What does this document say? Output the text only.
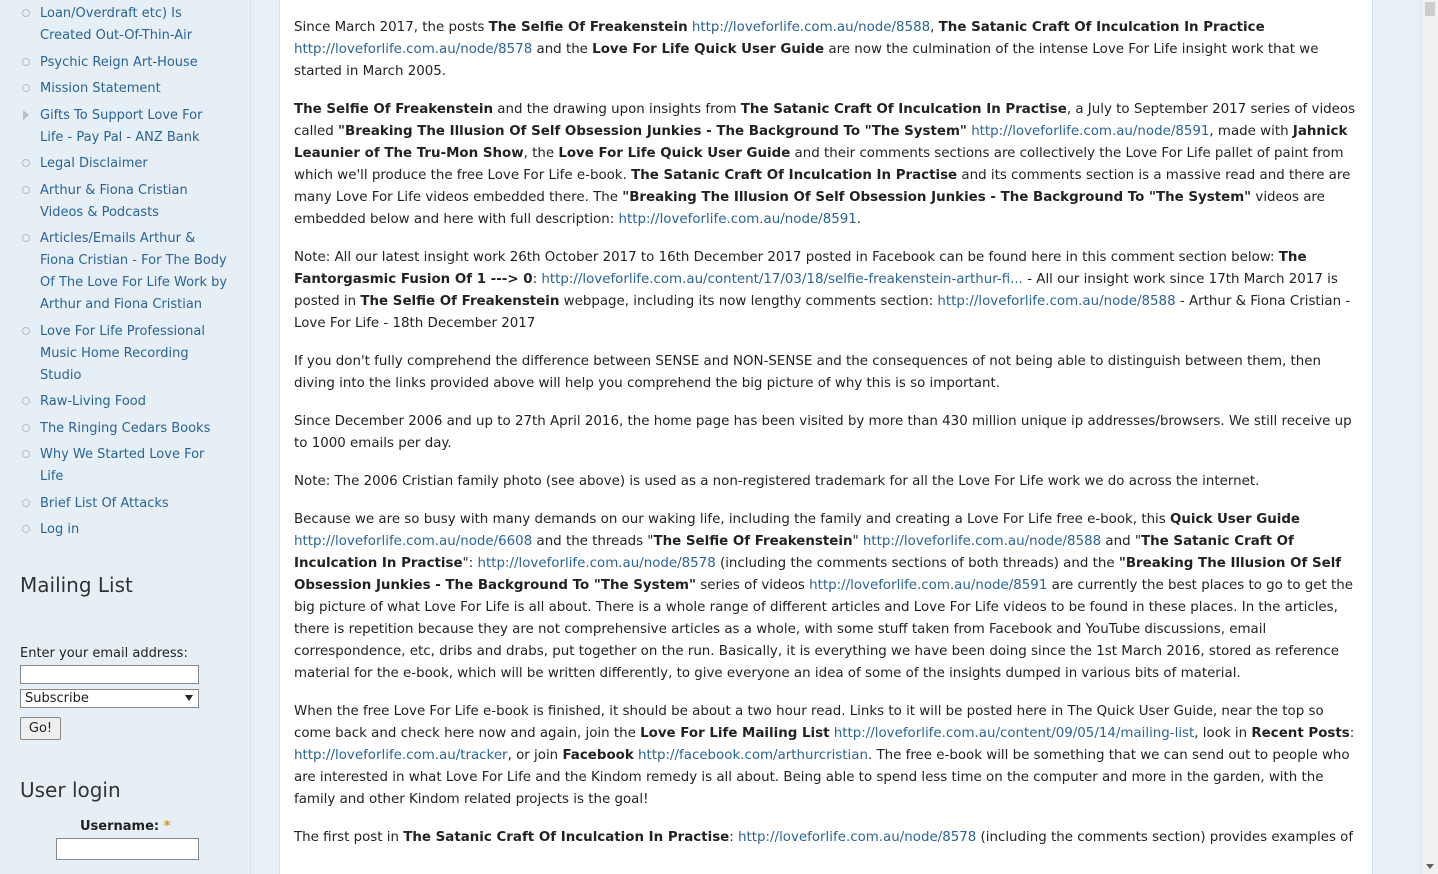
Loan/Overdraft etc) Is Created Out-Of-Thin-Air
Psychic Reign Art-House
Mission Statement
Gifts To Support Love For Life - Pay Pal - ANZ Bank
Legal Disclaimer
Arthur & Fiona Cristian Videos & Podcasts
Articles/Emails Arthur & Fiona Cristian - For The Body Of The Love For Life Work by Arthur and Fiona Cristian
Love For Life Professional Music Home Recording Studio
Raw-Living Food
The Ringing Cedars Books
Why We Started Love For Life
Brief List Of Attacks
Log in
Mailing List
Enter your email address:
Subscribe
Go!
User login
Username: *

Since March 2017, the posts The Selfie Of Freakenstein http://loveforlife.com.au/node/8588, The Satanic Craft Of Inculcation In Practice http://loveforlife.com.au/node/8578 and the Love For Life Quick User Guide are now the culmination of the intense Love For Life insight work that we started in March 2005.

The Selfie Of Freakenstein and the drawing upon insights from The Satanic Craft Of Inculcation In Practise, a July to September 2017 series of videos called "Breaking The Illusion Of Self Obsession Junkies - The Background To "The System" http://loveforlife.com.au/node/8591, made with Jahnick Leaunier of The Tru-Mon Show, the Love For Life Quick User Guide and their comments sections are collectively the Love For Life pallet of paint from which we'll produce the free Love For Life e-book. The Satanic Craft Of Inculcation In Practise and its comments section is a massive read and there are many Love For Life videos embedded there. The "Breaking The Illusion Of Self Obsession Junkies - The Background To "The System" videos are embedded below and here with full description: http://loveforlife.com.au/node/8591.

Note: All our latest insight work 26th October 2017 to 16th December 2017 posted in Facebook can be found here in this comment section below: The Fantorgasmic Fusion Of 1 ---> 0: http://loveforlife.com.au/content/17/03/18/selfie-freakenstein-arthur-fi... - All our insight work since 17th March 2017 is posted in The Selfie Of Freakenstein webpage, including its now lengthy comments section: http://loveforlife.com.au/node/8588 - Arthur & Fiona Cristian - Love For Life - 18th December 2017

If you don't fully comprehend the difference between SENSE and NON-SENSE and the consequences of not being able to distinguish between them, then diving into the links provided above will help you comprehend the big picture of why this is so important.

Since December 2006 and up to 27th April 2016, the home page has been visited by more than 430 million unique ip addresses/browsers. We still receive up to 1000 emails per day.

Note: The 2006 Cristian family photo (see above) is used as a non-registered trademark for all the Love For Life work we do across the internet.

Because we are so busy with many demands on our waking life, including the family and creating a Love For Life free e-book, this Quick User Guide http://loveforlife.com.au/node/6608 and the threads "The Selfie Of Freakenstein" http://loveforlife.com.au/node/8588 and "The Satanic Craft Of Inculcation In Practise": http://loveforlife.com.au/node/8578 (including the comments sections of both threads) and the "Breaking The Illusion Of Self Obsession Junkies - The Background To "The System" series of videos http://loveforlife.com.au/node/8591 are currently the best places to go to get the big picture of what Love For Life is all about. There is a whole range of different articles and Love For Life videos to be found in these places. In the articles, there is repetition because they are not comprehensive articles as a whole, with some stuff taken from Facebook and YouTube discussions, email correspondence, etc, dribs and drabs, put together on the run. Basically, it is everything we have been doing since the 1st March 2016, stored as reference material for the e-book, which will be written differently, to give everyone an idea of some of the insights dumped in various bits of material.

When the free Love For Life e-book is finished, it should be about a two hour read. Links to it will be posted here in The Quick User Guide, near the top so come back and check here now and again, join the Love For Life Mailing List http://loveforlife.com.au/content/09/05/14/mailing-list, look in Recent Posts: http://loveforlife.com.au/tracker, or join Facebook http://facebook.com/arthurcristian. The free e-book will be something that we can send out to people who are interested in what Love For Life and the Kindom remedy is all about. Being able to spend less time on the computer and more in the garden, with the family and other Kindom related projects is the goal!

The first post in The Satanic Craft Of Inculcation In Practise: http://loveforlife.com.au/node/8578 (including the comments section) provides examples of
